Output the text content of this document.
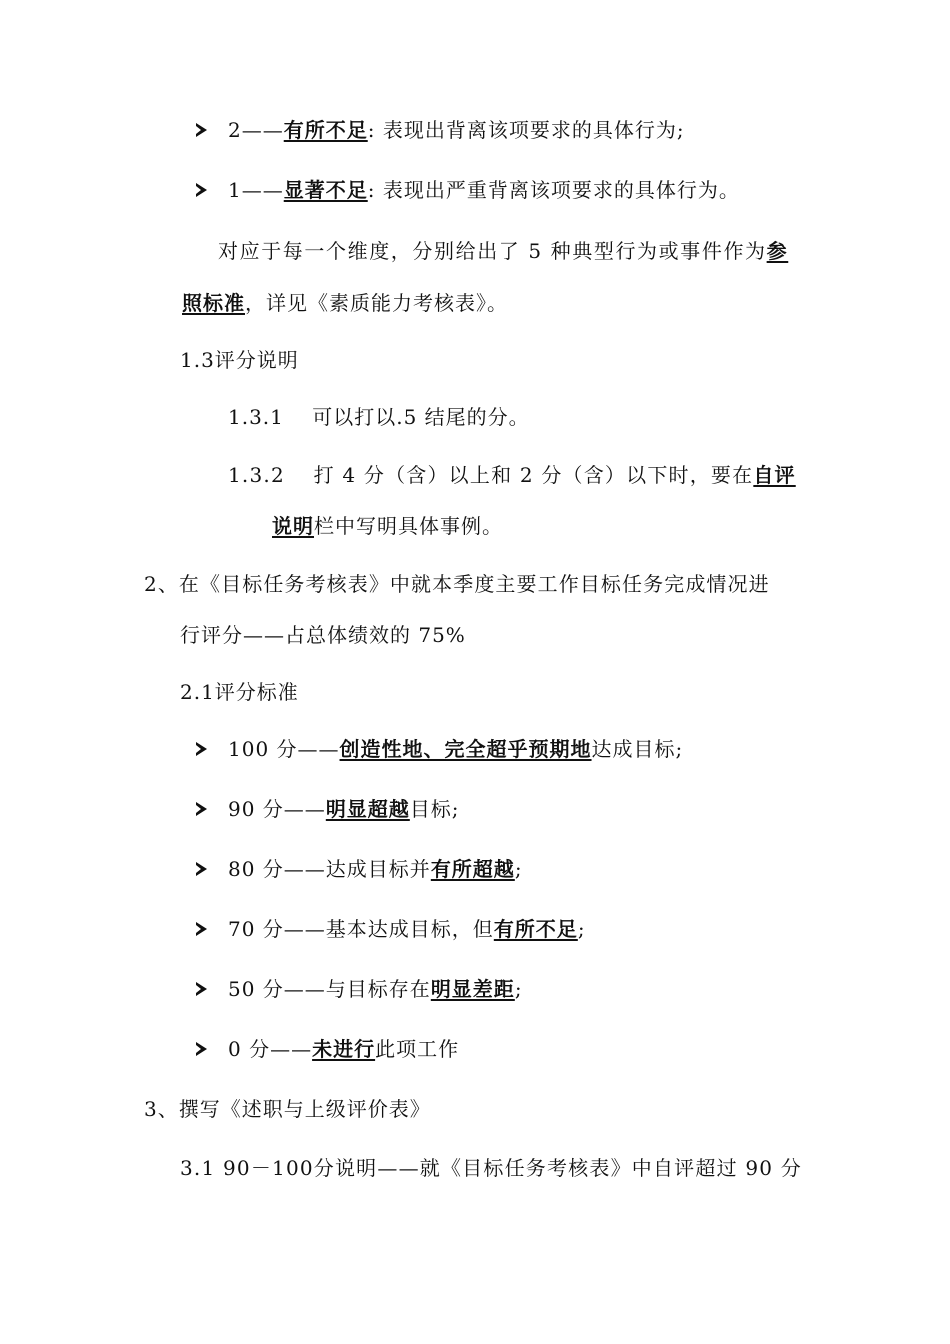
2——有所不足: 表现出背离该项要求的具体行为;
1——显著不足: 表现出严重背离该项要求的具体行为。
对应于每一个维度，分别给出了 5 种典型行为或事件作为参
照标准，详见《素质能力考核表》。
1.3评分说明
1.3.1　 可以打以.5 结尾的分。
1.3.2　 打 4 分（含）以上和 2 分（含）以下时，要在自评
说明栏中写明具体事例。
2、在《目标任务考核表》中就本季度主要工作目标任务完成情况进
行评分——占总体绩效的 75%
2.1评分标准
100 分——创造性地、完全超乎预期地达成目标;
90 分——明显超越目标;
80 分——达成目标并有所超越;
70 分——基本达成目标，但有所不足;
50 分——与目标存在明显差距;
0 分——未进行此项工作
3、撰写《述职与上级评价表》
3.1 90－100分说明——就《目标任务考核表》中自评超过 90 分
